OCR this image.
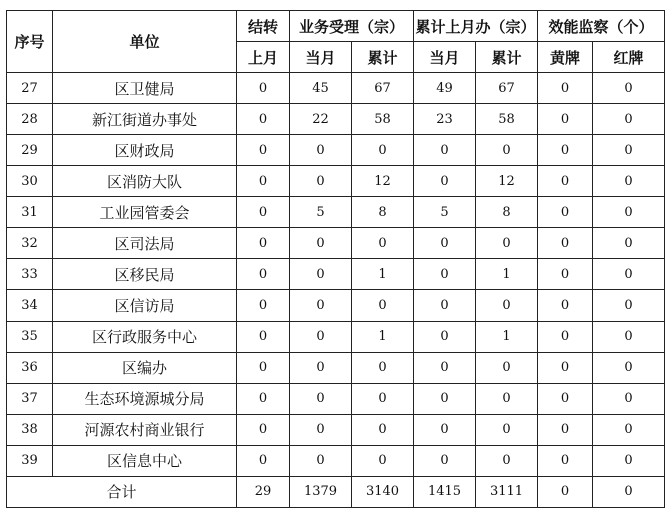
序号	单位	结转	业务受理（宗）		累计上月办（宗）		效能监察（个）	
		上月	当月	累计	当月	累计	黄牌	红牌
27	区卫健局	0	45	67	49	67	0	0
28	新江街道办事处	0	22	58	23	58	0	0
29	区财政局	0	0	0	0	0	0	0
30	区消防大队	0	0	12	0	12	0	0
31	工业园管委会	0	5	8	5	8	0	0
32	区司法局	0	0	0	0	0	0	0
33	区移民局	0	0	1	0	1	0	0
34	区信访局	0	0	0	0	0	0	0
35	区行政服务中心	0	0	1	0	1	0	0
36	区编办	0	0	0	0	0	0	0
37	生态环境源城分局	0	0	0	0	0	0	0
38	河源农村商业银行	0	0	0	0	0	0	0
39	区信息中心	0	0	0	0	0	0	0
合计		29	1379	3140	1415	3111	0	0
